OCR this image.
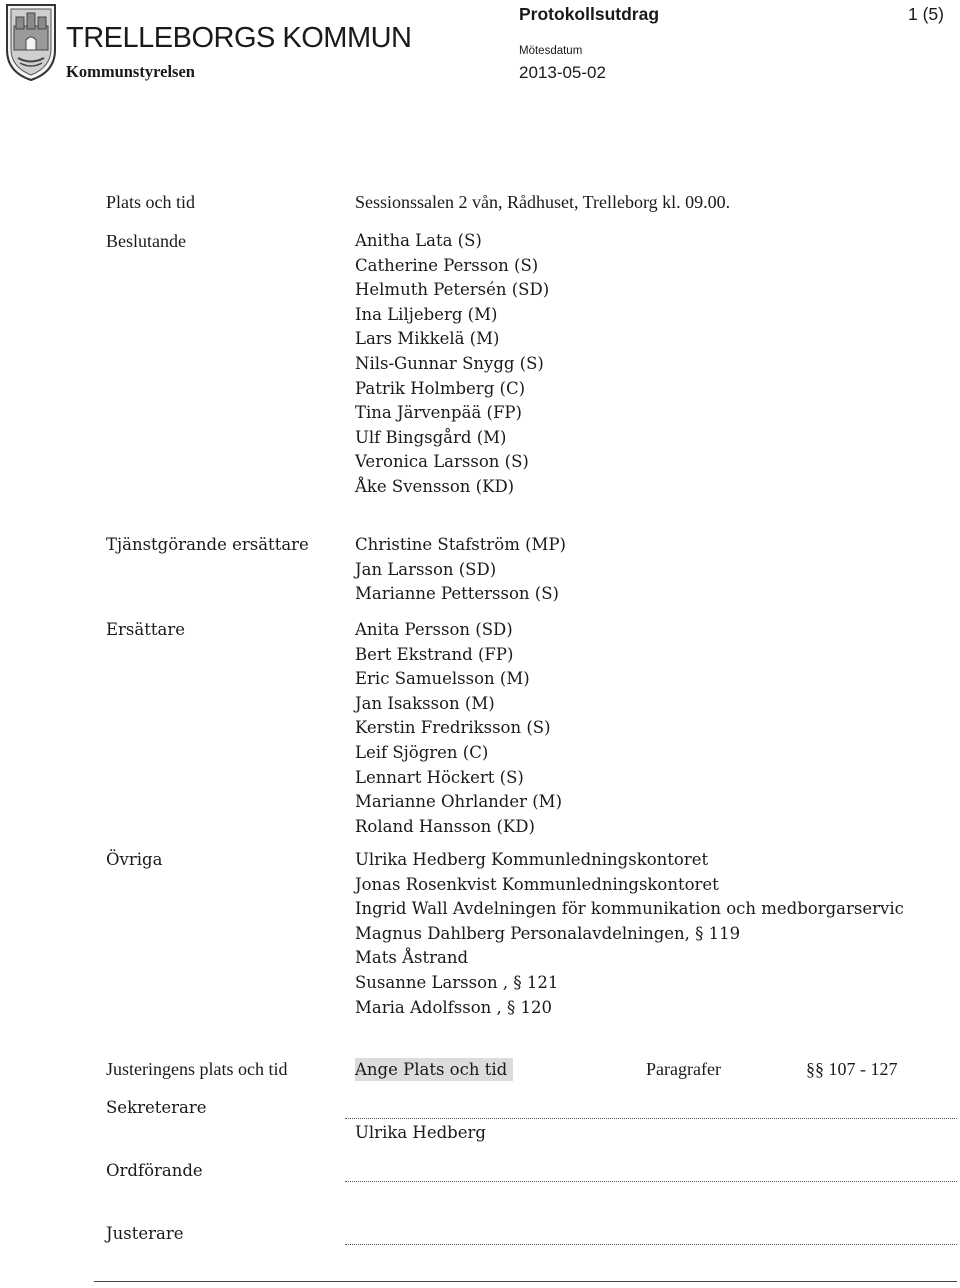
TRELLEBORGS KOMMUN
Kommunstyrelsen
Protokollsutdrag	1 (5)
Mötesdatum
2013-05-02
Plats och tid	Sessionssalen 2 vån, Rådhuset, Trelleborg kl. 09.00.
Beslutande	Anitha Lata (S)
Catherine Persson (S)
Helmuth Petersén (SD)
Ina Liljeberg (M)
Lars Mikkelä (M)
Nils-Gunnar Snygg (S)
Patrik Holmberg (C)
Tina Järvenpää (FP)
Ulf Bingsgård (M)
Veronica Larsson (S)
Åke Svensson (KD)
Tjänstgörande ersättare	Christine Stafström (MP)
Jan Larsson (SD)
Marianne Pettersson (S)
Ersättare	Anita Persson (SD)
Bert Ekstrand (FP)
Eric Samuelsson (M)
Jan Isaksson (M)
Kerstin Fredriksson (S)
Leif Sjögren (C)
Lennart Höckert (S)
Marianne Ohrlander (M)
Roland Hansson (KD)
Övriga	Ulrika Hedberg Kommunledningskontoret
Jonas Rosenkvist Kommunledningskontoret
Ingrid Wall Avdelningen för kommunikation och medborgarservic
Magnus Dahlberg Personalavdelningen, § 119
Mats Åstrand
Susanne Larsson , § 121
Maria Adolfsson , § 120
Justeringens plats och tid	Ange Plats och tid	Paragrafer	§§ 107 - 127
Sekreterare
Ulrika Hedberg
Ordförande
Justerare
